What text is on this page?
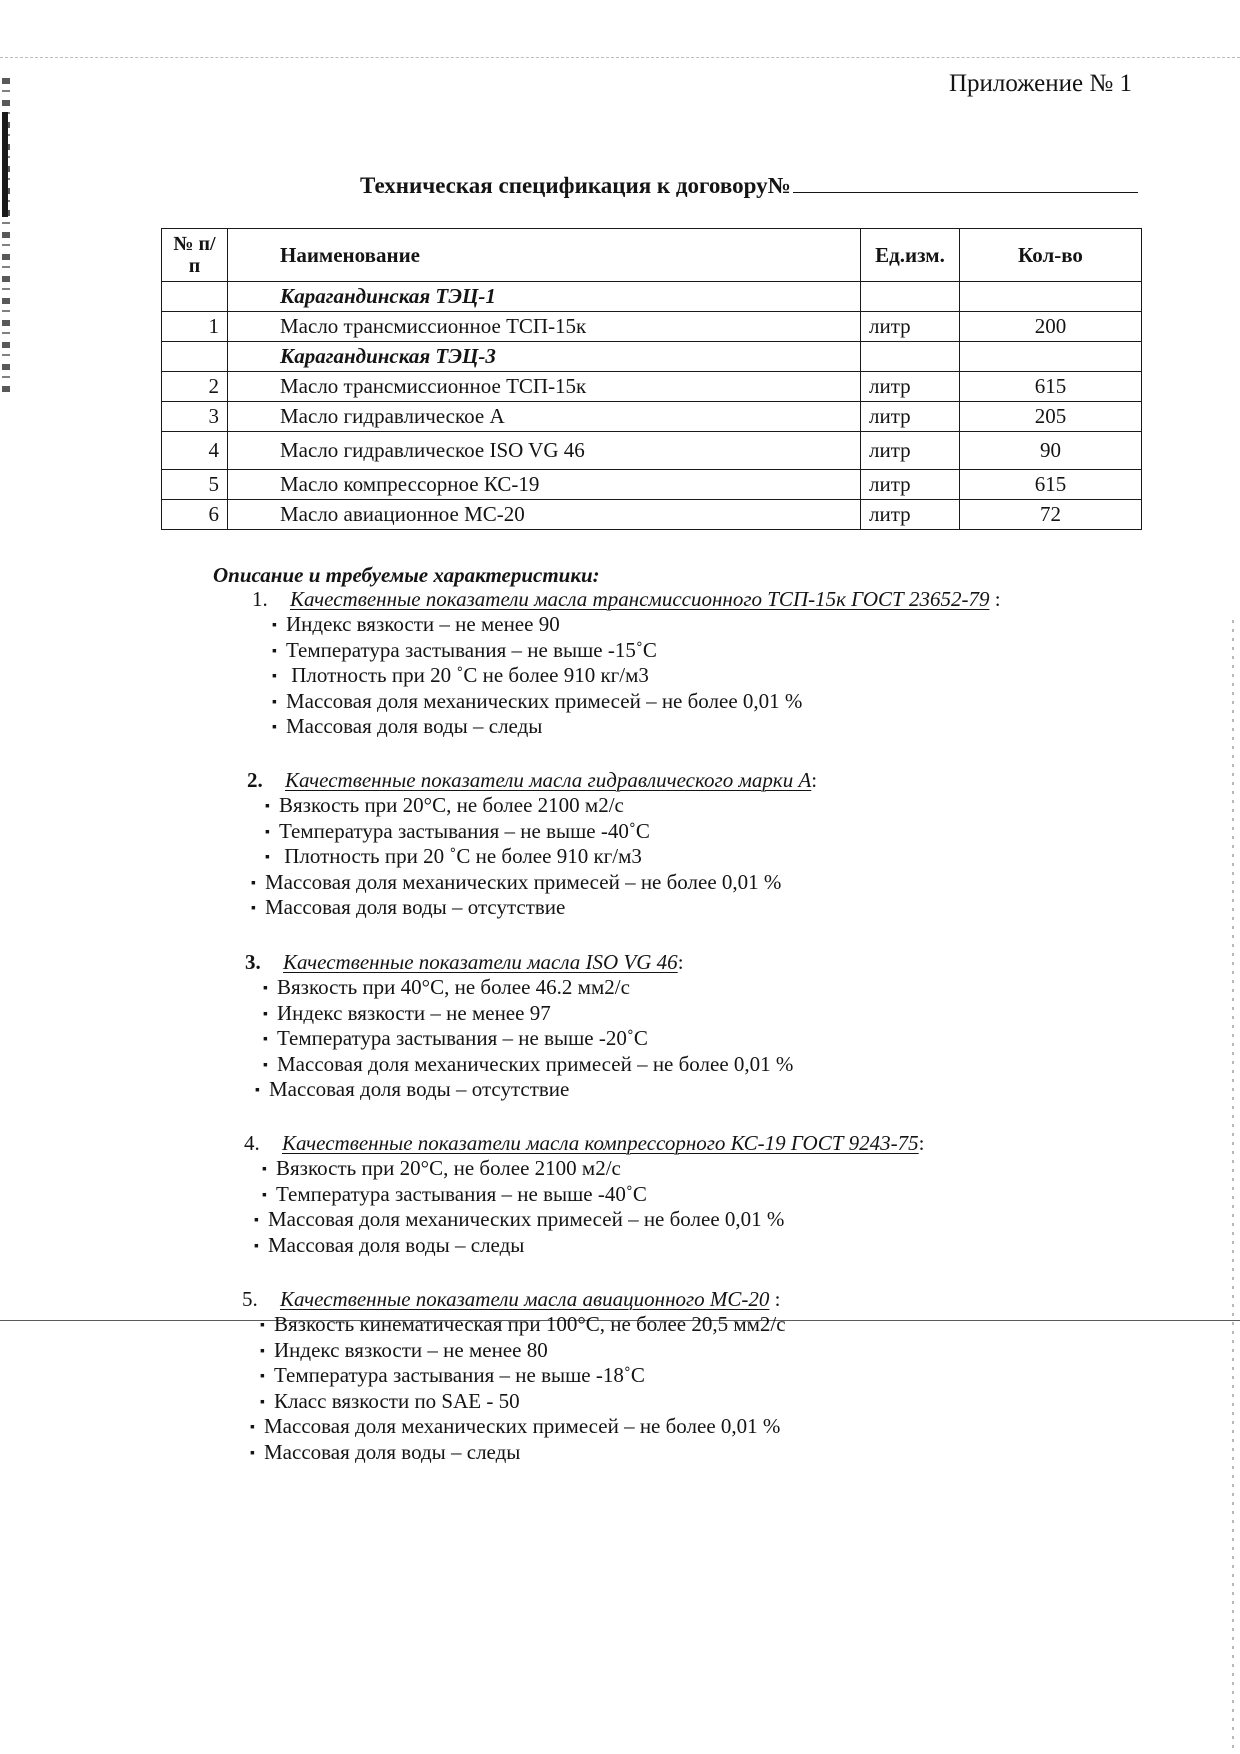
Приложение № 1
Техническая спецификация к договору№
№ п/п	Наименование	Ед.изм.	Кол-во
	Карагандинская ТЭЦ-1		
1	Масло трансмиссионное ТСП-15к	литр	200
	Карагандинская ТЭЦ-3		
2	Масло трансмиссионное ТСП-15к	литр	615
3	Масло гидравлическое А	литр	205
4	Масло гидравлическое ISO VG 46	литр	90
5	Масло компрессорное КС-19	литр	615
6	Масло авиационное МС-20	литр	72
Описание и требуемые характеристики:
1. Качественные показатели масла трансмиссионного ТСП-15к ГОСТ 23652-79 :
▪ Индекс вязкости – не менее 90
▪ Температура застывания – не выше -15˚С
▪ Плотность при 20 ˚С не более 910 кг/м3
▪ Массовая доля механических примесей – не более 0,01 %
▪ Массовая доля воды – следы
2. Качественные показатели масла гидравлического марки А:
▪ Вязкость при 20°С, не более 2100 м2/с
▪ Температура застывания – не выше -40˚С
▪ Плотность при 20 ˚С не более 910 кг/м3
▪ Массовая доля механических примесей – не более 0,01 %
▪ Массовая доля воды – отсутствие
3. Качественные показатели масла ISO VG 46:
▪ Вязкость при 40°С, не более 46.2 мм2/с
▪ Индекс вязкости – не менее 97
▪ Температура застывания – не выше -20˚С
▪ Массовая доля механических примесей – не более 0,01 %
▪ Массовая доля воды – отсутствие
4. Качественные показатели масла компрессорного КС-19 ГОСТ 9243-75:
▪ Вязкость при 20°С, не более 2100 м2/с
▪ Температура застывания – не выше -40˚С
▪ Массовая доля механических примесей – не более 0,01 %
▪ Массовая доля воды – следы
5. Качественные показатели масла авиационного МС-20 :
▪ Вязкость кинематическая при 100°С, не более 20,5 мм2/с
▪ Индекс вязкости – не менее 80
▪ Температура застывания – не выше -18˚С
▪ Класс вязкости по SAE - 50
▪ Массовая доля механических примесей – не более 0,01 %
▪ Массовая доля воды – следы
